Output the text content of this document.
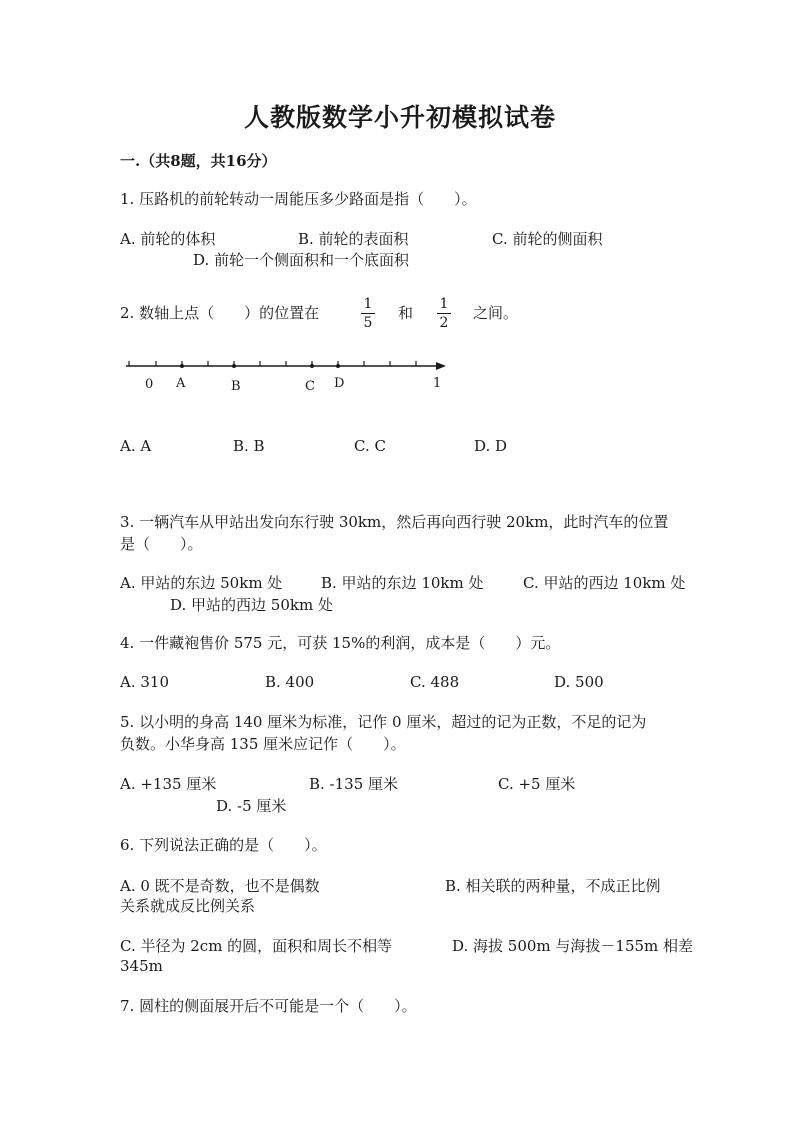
人教版数学小升初模拟试卷
一.（共8题，共16分）
1. 压路机的前轮转动一周能压多少路面是指（　　）。
A. 前轮的体积	B. 前轮的表面积	C. 前轮的侧面积
D. 前轮一个侧面积和一个底面积
2. 数轴上点（　　）的位置在	1
5
和 1
2
之间。
0 A	B	C D	1
A. A	B. B	C. C	D. D
3. 一辆汽车从甲站出发向东行驶 30km，然后再向西行驶 20km，此时汽车的位置
是（　　）。
A. 甲站的东边 50km 处	B. 甲站的东边 10km 处	C. 甲站的西边 10km 处
D. 甲站的西边 50km 处
4. 一件藏袍售价 575 元，可获 15%的利润，成本是（　　）元。
A. 310	B. 400	C. 488	D. 500
5. 以小明的身高 140 厘米为标准，记作 0 厘米，超过的记为正数，不足的记为
负数。小华身高 135 厘米应记作（　　）。
A. +135 厘米	B. -135 厘米	C. +5 厘米
D. -5 厘米
6. 下列说法正确的是（　　）。
A. 0 既不是奇数，也不是偶数	B. 相关联的两种量，不成正比例
关系就成反比例关系
C. 半径为 2cm 的圆，面积和周长不相等	D. 海拔 500m 与海拔－155m 相差
345m
7. 圆柱的侧面展开后不可能是一个（　　）。
